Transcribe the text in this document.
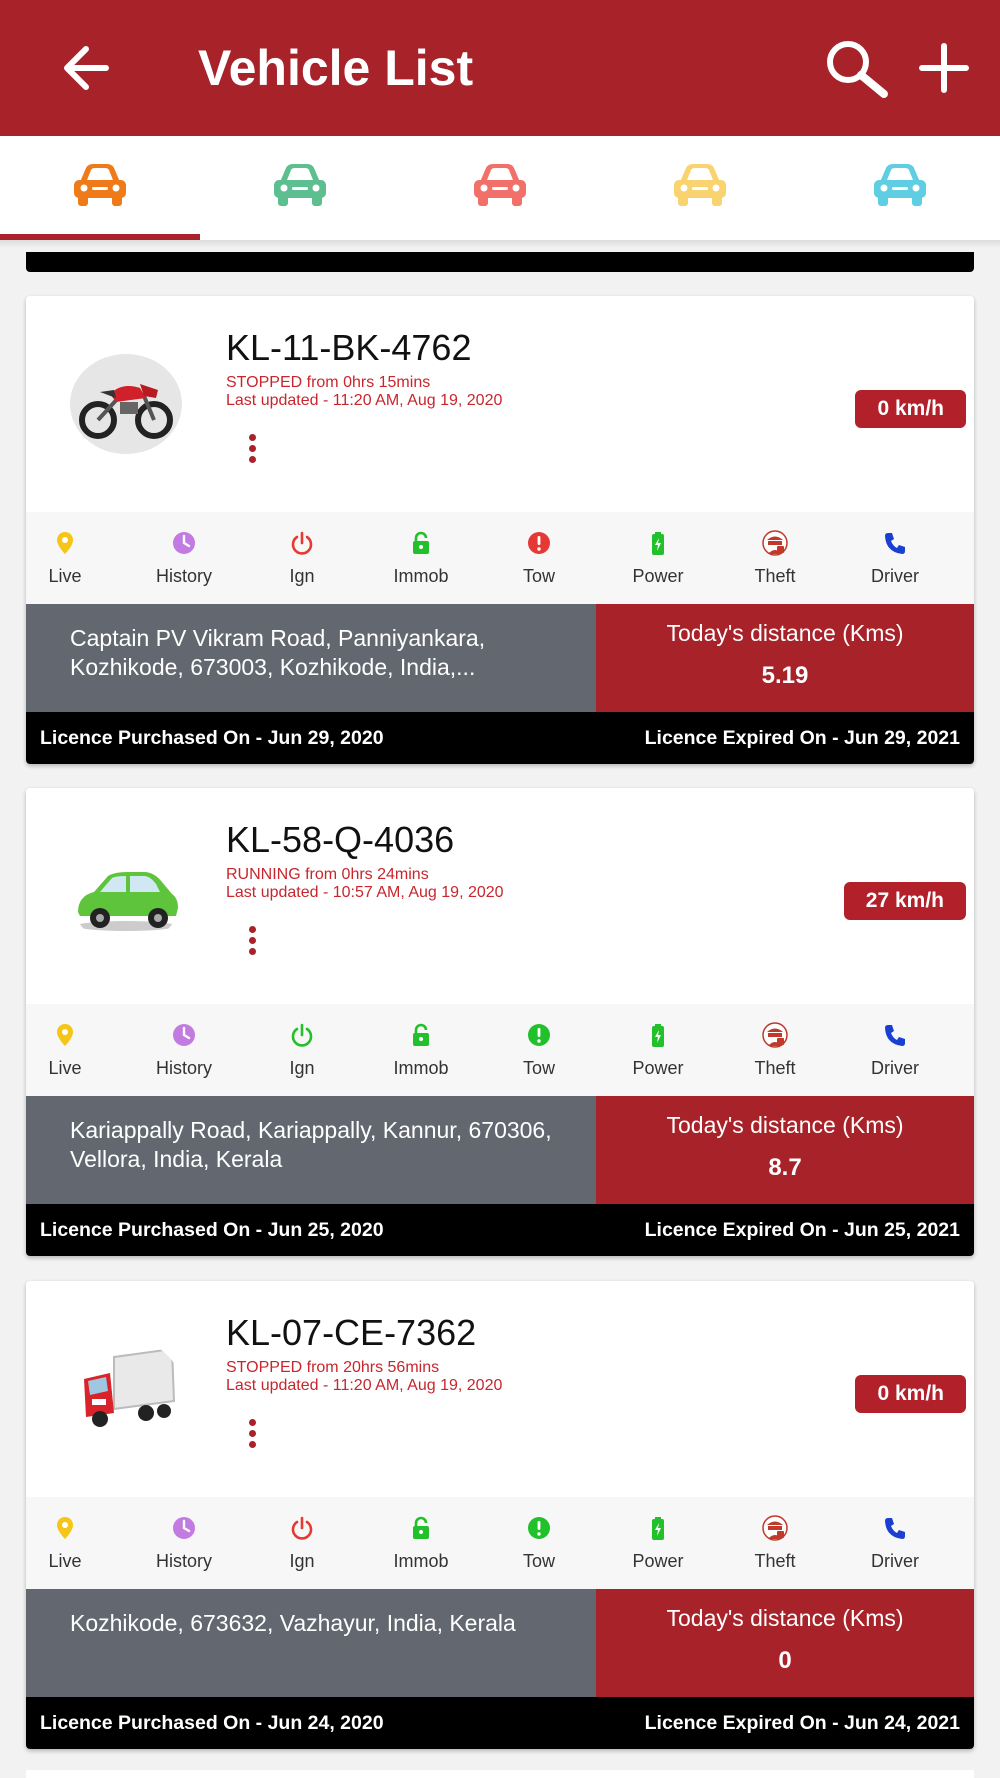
Vehicle List
KL-11-BK-4762
STOPPED from 0hrs 15mins
Last updated - 11:20 AM, Aug 19, 2020	0 km/h
Live	History	Ign	Immob	Tow	Power	Theft	Driver
Captain PV Vikram Road, Panniyankara, Kozhikode, 673003, Kozhikode, India,...
Today's distance (Kms)
5.19
Licence Purchased On - Jun 29, 2020	Licence Expired On - Jun 29, 2021
KL-58-Q-4036
RUNNING from 0hrs 24mins
Last updated - 10:57 AM, Aug 19, 2020	27 km/h
Live	History	Ign	Immob	Tow	Power	Theft	Driver
Kariappally Road, Kariappally, Kannur, 670306, Vellora, India, Kerala
Today's distance (Kms)
8.7
Licence Purchased On - Jun 25, 2020	Licence Expired On - Jun 25, 2021
KL-07-CE-7362
STOPPED from 20hrs 56mins
Last updated - 11:20 AM, Aug 19, 2020	0 km/h
Live	History	Ign	Immob	Tow	Power	Theft	Driver
Kozhikode, 673632, Vazhayur, India, Kerala	Today's distance (Kms)
0
Licence Purchased On - Jun 24, 2020	Licence Expired On - Jun 24, 2021
